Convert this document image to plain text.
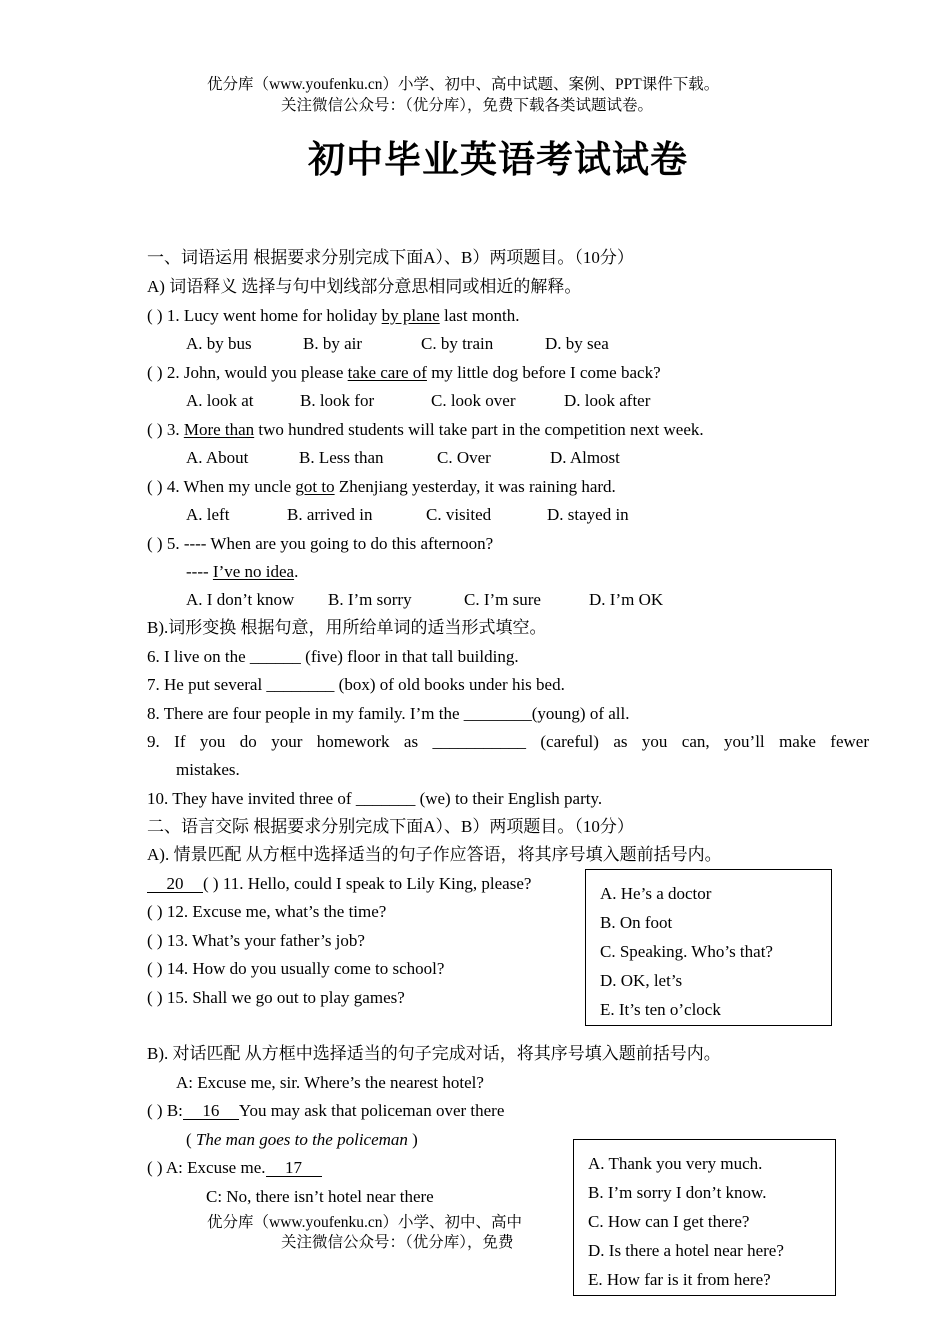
优分库（www.youfenku.cn）小学、初中、高中试题、案例、PPT课件下载。
关注微信公众号：（优分库），免费下载各类试题试卷。
初中毕业英语考试试卷
一、词语运用 根据要求分别完成下面A）、B）两项题目。（10分）
A) 词语释义 选择与句中划线部分意思相同或相近的解释。
( ) 1. Lucy went home for holiday by plane last month.
A. by bus	B. by air	C. by train	D. by sea
( ) 2. John, would you please take care of my little dog before I come back?
A. look at	B. look for	C. look over	D. look after
( ) 3. More than two hundred students will take part in the competition next week.
A. About	B. Less than	C. Over	D. Almost
( ) 4. When my uncle got to Zhenjiang yesterday, it was raining hard.
A. left	B. arrived in	C. visited	D. stayed in
( ) 5. ---- When are you going to do this afternoon?
---- I’ve no idea.
A. I don’t know B. I’m sorry	C. I’m sure	D. I’m OK
B).词形变换 根据句意，用所给单词的适当形式填空。
6. I live on the ______ (five) floor in that tall building.
7. He put several ________ (box) of old books under his bed.
8. There are four people in my family. I’m the ________(young) of all.
9. If you do your homework as ___________ (careful) as you can, you’ll make fewer
mistakes.
10. They have invited three of _______ (we) to their English party.
二、语言交际 根据要求分别完成下面A）、B）两项题目。（10分）
A). 情景匹配 从方框中选择适当的句子作应答语，将其序号填入题前括号内。
20 ( ) 11. Hello, could I speak to Lily King, please?
( ) 12. Excuse me, what’s the time?
( ) 13. What’s your father’s job?
( ) 14. How do you usually come to school?
( ) 15. Shall we go out to play games?
A. He’s a doctor
B. On foot
C. Speaking. Who’s that?
D. OK, let’s
E. It’s ten o’clock
B). 对话匹配 从方框中选择适当的句子完成对话，将其序号填入题前括号内。
A: Excuse me, sir. Where’s the nearest hotel?
( ) B: 16 You may ask that policeman over there
( The man goes to the policeman )
( ) A: Excuse me. 17
C: No, there isn’t hotel near there
优分库（www.youfenku.cn）小学、初中、高中
关注微信公众号：（优分库），免费
A. Thank you very much.
B. I’m sorry I don’t know.
C. How can I get there?
D. Is there a hotel near here?
E. How far is it from here?
